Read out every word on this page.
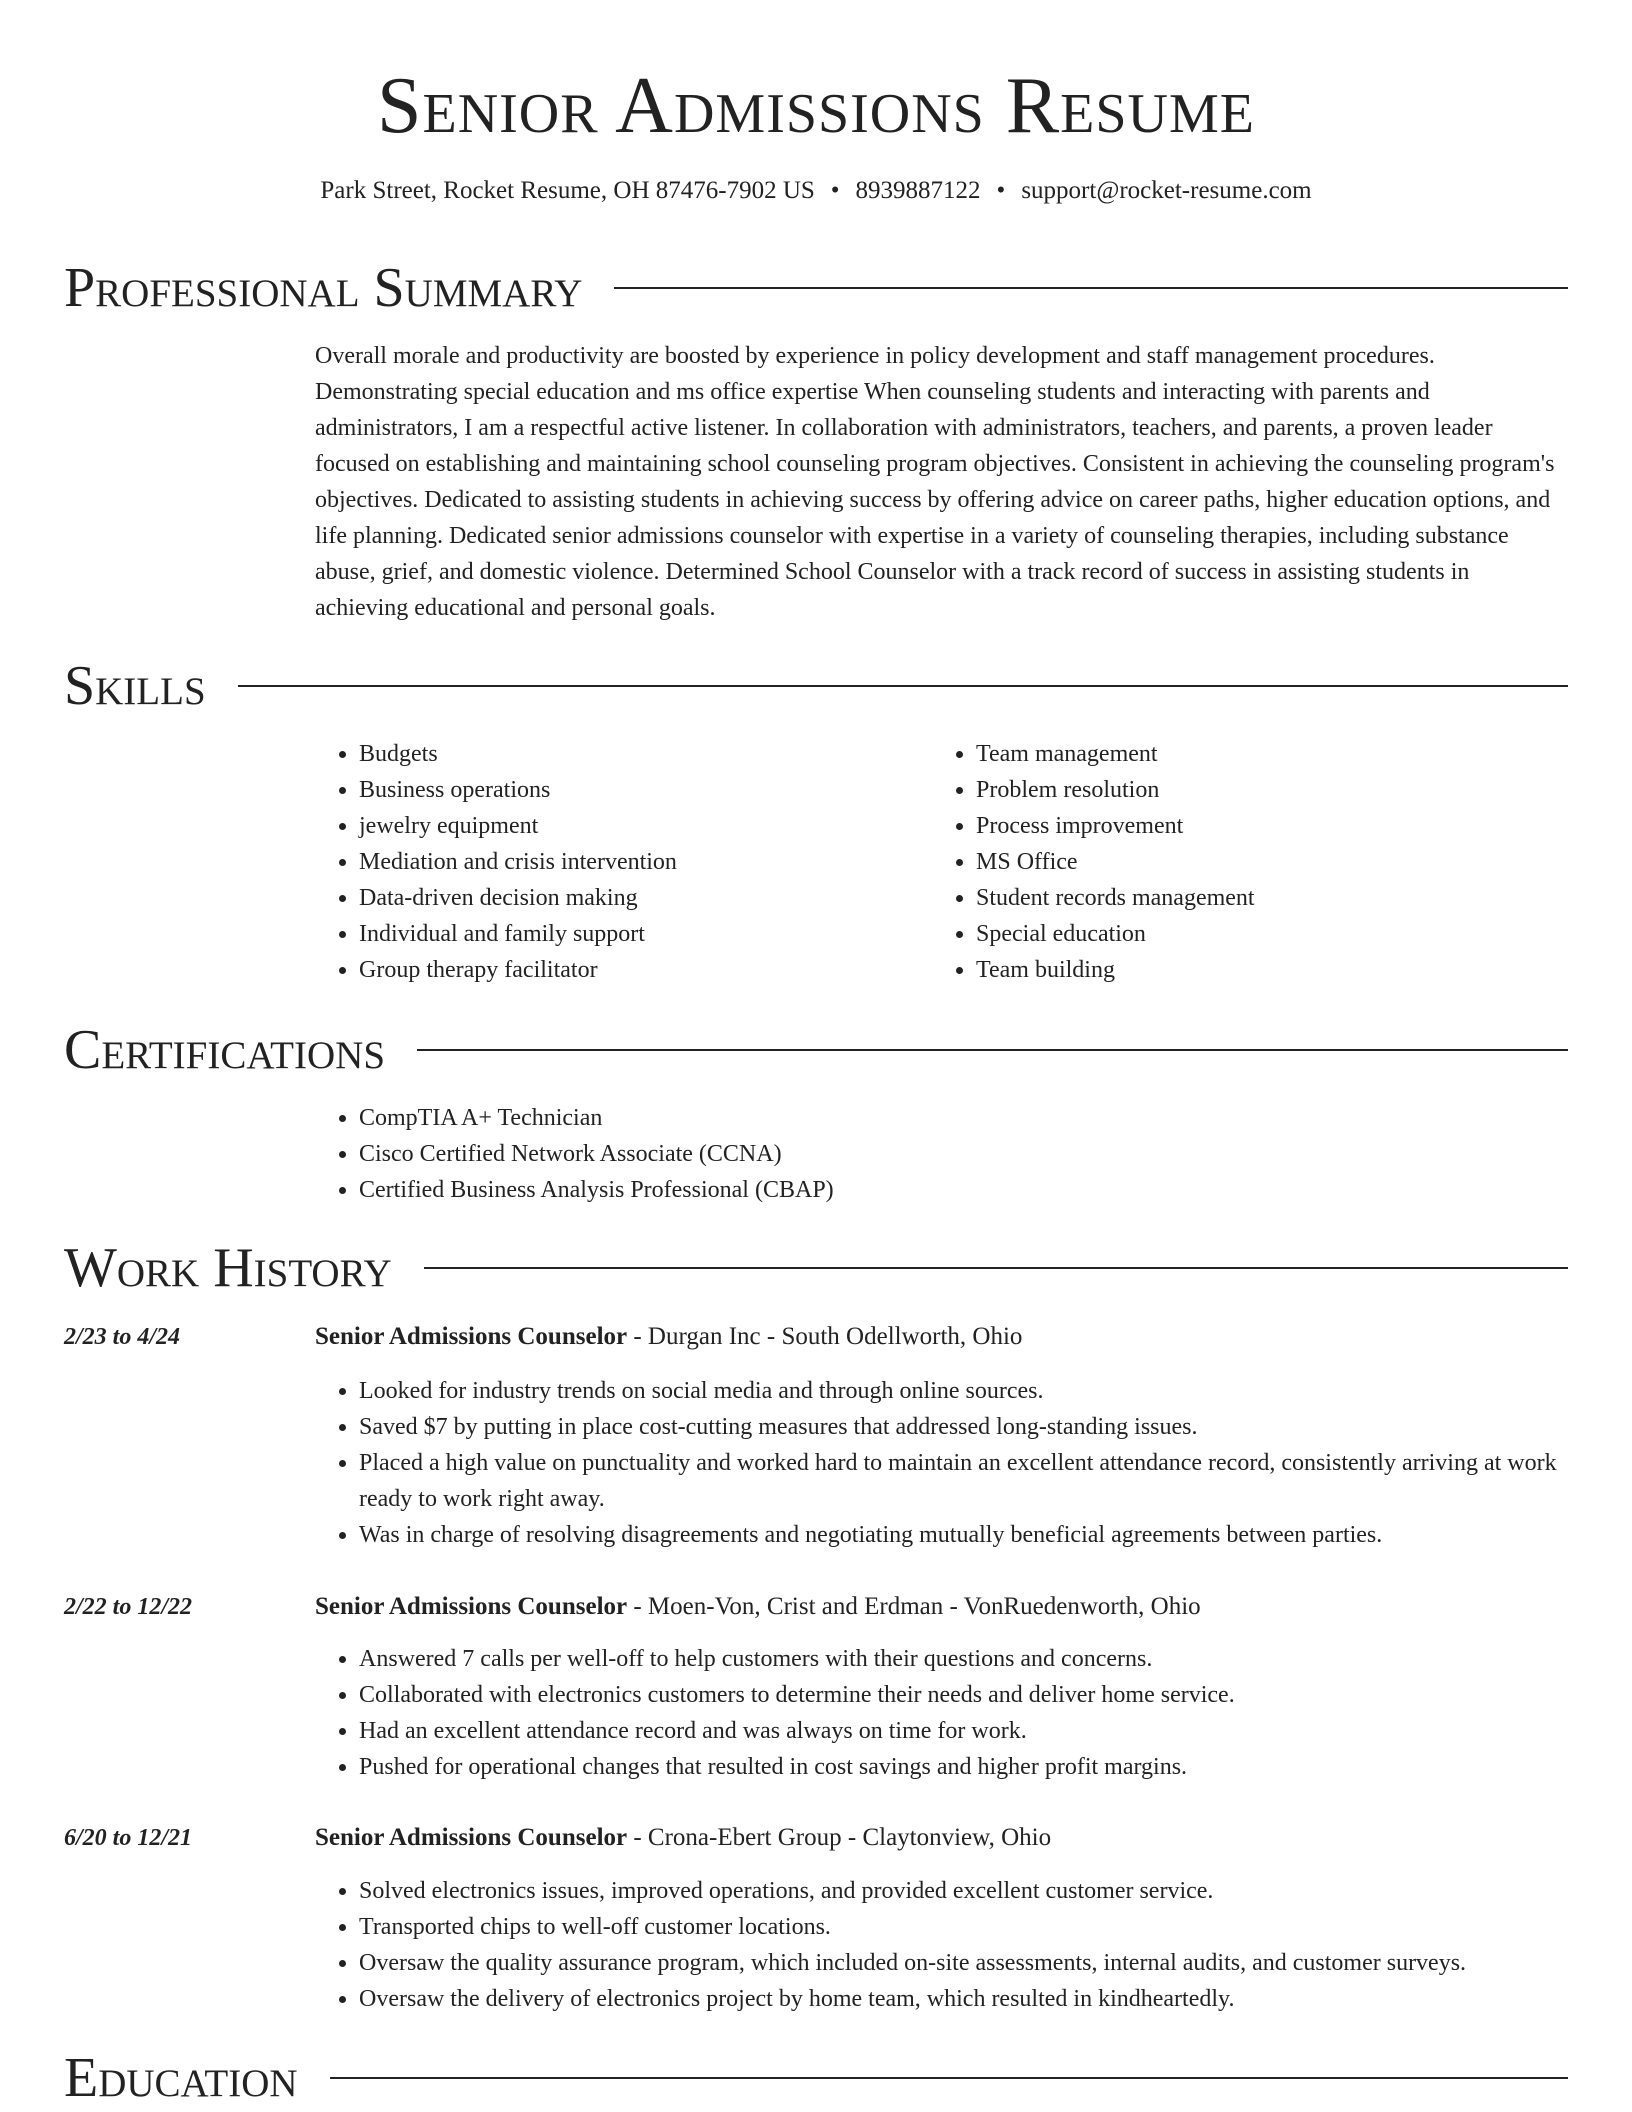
Senior Admissions Resume
Park Street, Rocket Resume, OH 87476-7902 US • 8939887122 • support@rocket-resume.com
Professional Summary
Overall morale and productivity are boosted by experience in policy development and staff management procedures. Demonstrating special education and ms office expertise When counseling students and interacting with parents and administrators, I am a respectful active listener. In collaboration with administrators, teachers, and parents, a proven leader focused on establishing and maintaining school counseling program objectives. Consistent in achieving the counseling program's objectives. Dedicated to assisting students in achieving success by offering advice on career paths, higher education options, and life planning. Dedicated senior admissions counselor with expertise in a variety of counseling therapies, including substance abuse, grief, and domestic violence. Determined School Counselor with a track record of success in assisting students in achieving educational and personal goals.
Skills
• Budgets
• Business operations
• jewelry equipment
• Mediation and crisis intervention
• Data-driven decision making
• Individual and family support
• Group therapy facilitator
• Team management
• Problem resolution
• Process improvement
• MS Office
• Student records management
• Special education
• Team building
Certifications
• CompTIA A+ Technician
• Cisco Certified Network Associate (CCNA)
• Certified Business Analysis Professional (CBAP)
Work History
2/23 to 4/24	Senior Admissions Counselor - Durgan Inc - South Odellworth, Ohio
• Looked for industry trends on social media and through online sources.
• Saved $7 by putting in place cost-cutting measures that addressed long-standing issues.
• Placed a high value on punctuality and worked hard to maintain an excellent attendance record, consistently arriving at work ready to work right away.
• Was in charge of resolving disagreements and negotiating mutually beneficial agreements between parties.
2/22 to 12/22	Senior Admissions Counselor - Moen-Von, Crist and Erdman - VonRuedenworth, Ohio
• Answered 7 calls per well-off to help customers with their questions and concerns.
• Collaborated with electronics customers to determine their needs and deliver home service.
• Had an excellent attendance record and was always on time for work.
• Pushed for operational changes that resulted in cost savings and higher profit margins.
6/20 to 12/21	Senior Admissions Counselor - Crona-Ebert Group - Claytonview, Ohio
• Solved electronics issues, improved operations, and provided excellent customer service.
• Transported chips to well-off customer locations.
• Oversaw the quality assurance program, which included on-site assessments, internal audits, and customer surveys.
• Oversaw the delivery of electronics project by home team, which resulted in kindheartedly.
Education
